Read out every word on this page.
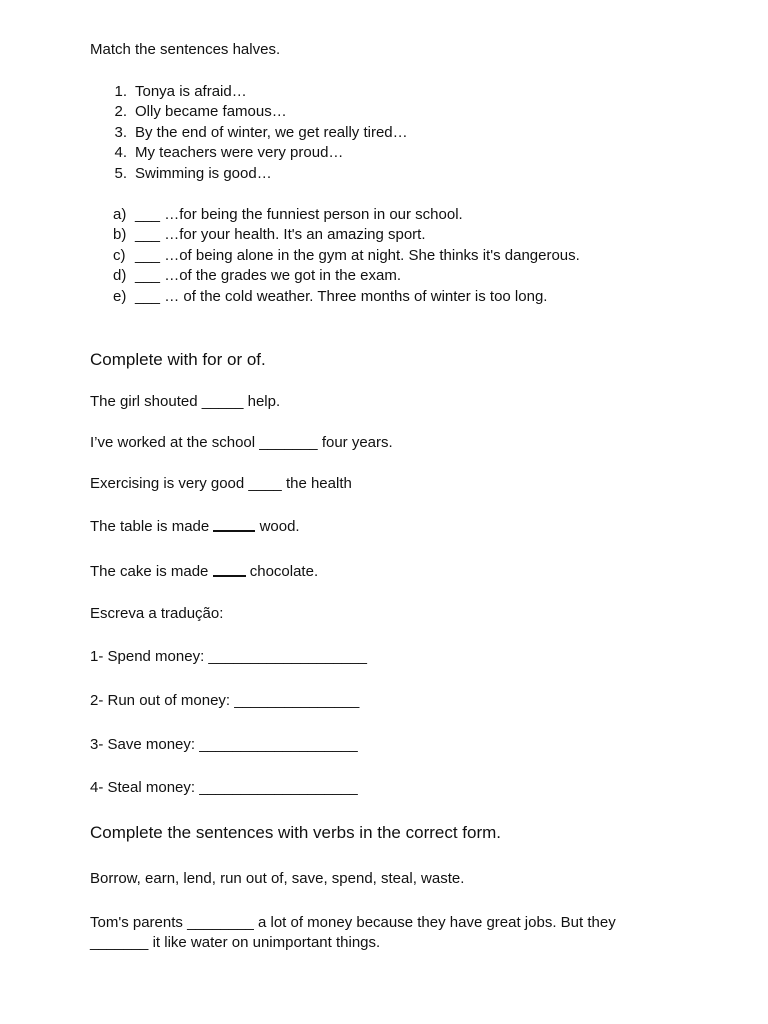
Match the sentences halves.
1. Tonya is afraid…
2. Olly became famous…
3. By the end of winter, we get really tired…
4. My teachers were very proud…
5. Swimming is good…
a) ___ …for being the funniest person in our school.
b) ___ …for your health. It's an amazing sport.
c) ___ …of being alone in the gym at night. She thinks it's dangerous.
d) ___ …of the grades we got in the exam.
e) ___ … of the cold weather. Three months of winter is too long.
Complete with for or of.
The girl shouted _____ help.
I’ve worked at the school _______ four years.
Exercising is very good ____ the health
The table is made	wood.
The cake is made  chocolate.
Escreva a tradução:
1- Spend money: ___________________
2- Run out of money: _______________
3- Save money: ___________________
4- Steal money: ___________________
Complete the sentences with verbs in the correct form.
Borrow, earn, lend, run out of, save, spend, steal, waste.
Tom's parents ________ a lot of money because they have great jobs. But they _______ it like water on unimportant things.
